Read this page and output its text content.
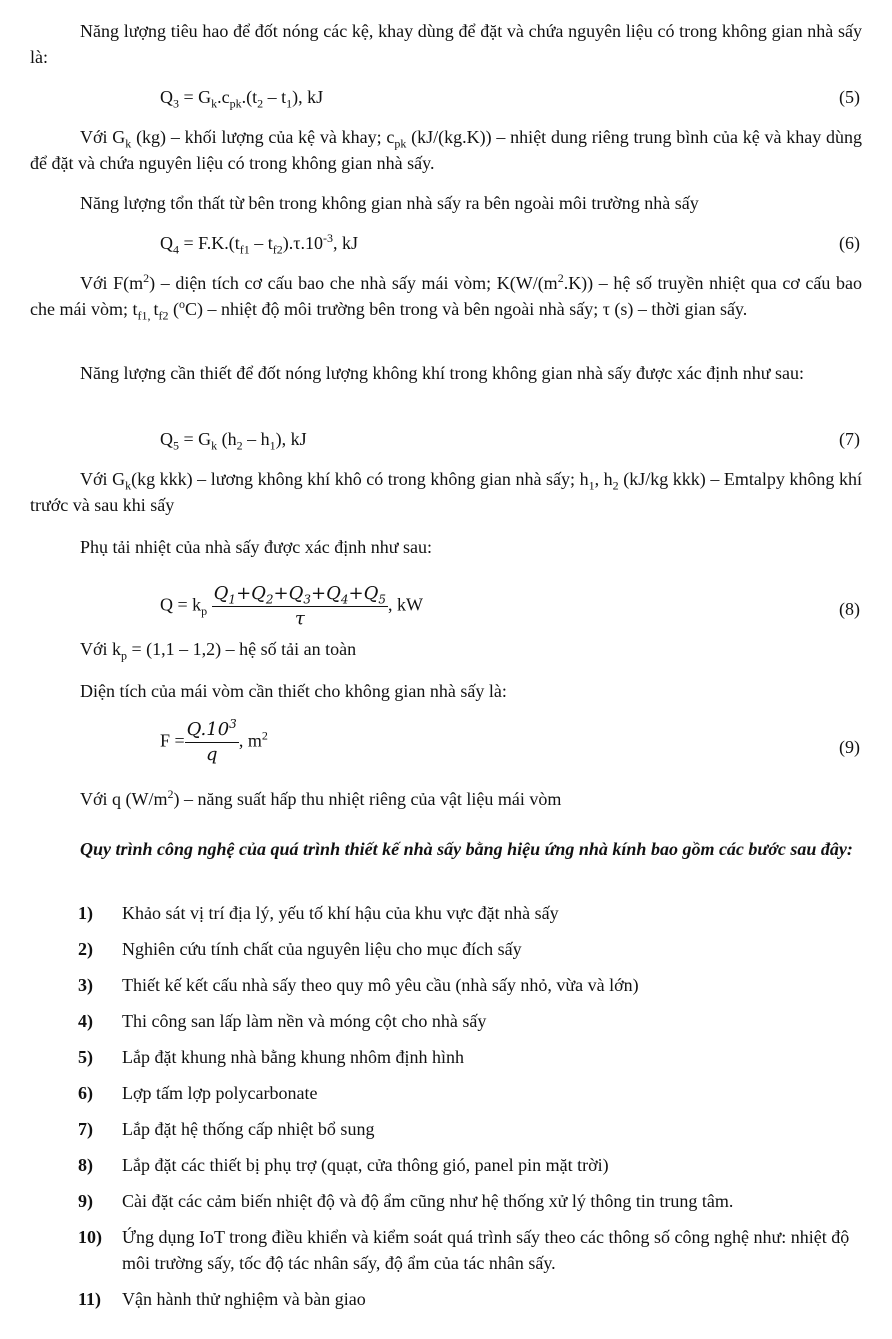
Năng lượng tiêu hao để đốt nóng các kệ, khay dùng để đặt và chứa nguyên liệu có trong không gian nhà sấy là:

$Q_3 = G_k.c_{pk}.(t_2 - t_1)$, kJ	(5)

Với $G_k$ (kg) – khối lượng của kệ và khay; $c_{pk}$ (kJ/(kg.K)) – nhiệt dung riêng trung bình của kệ và khay dùng để đặt và chứa nguyên liệu có trong không gian nhà sấy.

Năng lượng tổn thất từ bên trong không gian nhà sấy ra bên ngoài môi trường nhà sấy

$Q_4 = F.K.(t_{f1} - t_{f2}).\tau.10^{-3}$, kJ	(6)

Với $F(m^2)$ – diện tích cơ cấu bao che nhà sấy mái vòm; $K(W/(m^2.K))$ – hệ số truyền nhiệt qua cơ cấu bao che mái vòm; $t_{f1,}$ $t_{f2}$ ($^o$C) – nhiệt độ môi trường bên trong và bên ngoài nhà sấy; τ (s) – thời gian sấy.

Năng lượng cần thiết để đốt nóng lượng không khí trong không gian nhà sấy được xác định như sau:

$Q_5 = G_k$ $(h_2 - h_1)$, kJ	(7)

Với $G_k(kg$ kkk) – lương không khí khô có trong không gian nhà sấy; $h_1$, $h_2$ (kJ/kg kkk) – Emtalpy không khí trước và sau khi sấy

Phụ tải nhiệt của nhà sấy được xác định như sau:

$Q = k_p \frac{Q_1+Q_2+Q_3+Q_4+Q_5}{\tau}$ , kW	(8)

Với $k_p = (1,1 - 1,2)$ – hệ số tải an toàn

Diện tích của mái vòm cần thiết cho không gian nhà sấy là:

$F = \frac{Q.10^3}{q}$ , $m^2$
(9)

Với q $(W/m^2)$ – năng suất hấp thu nhiệt riêng của vật liệu mái vòm

Quy trình công nghệ của quá trình thiết kế nhà sấy bằng hiệu ứng nhà kính bao gồm các bước sau đây:

1) Khảo sát vị trí địa lý, yếu tố khí hậu của khu vực đặt nhà sấy
2) Nghiên cứu tính chất của nguyên liệu cho mục đích sấy
3) Thiết kế kết cấu nhà sấy theo quy mô yêu cầu (nhà sấy nhỏ, vừa và lớn)
4) Thi công san lấp làm nền và móng cột cho nhà sấy
5) Lắp đặt khung nhà bằng khung nhôm định hình
6) Lợp tấm lợp polycarbonate
7) Lắp đặt hệ thống cấp nhiệt bổ sung
8) Lắp đặt các thiết bị phụ trợ (quạt, cửa thông gió, panel pin mặt trời)
9) Cài đặt các cảm biến nhiệt độ và độ ẩm cũng như hệ thống xử lý thông tin trung tâm.
10) Ứng dụng IoT trong điều khiển và kiểm soát quá trình sấy theo các thông số công nghệ như: nhiệt độ môi trường sấy, tốc độ tác nhân sấy, độ ẩm của tác nhân sấy.
11) Vận hành thử nghiệm và bàn giao
